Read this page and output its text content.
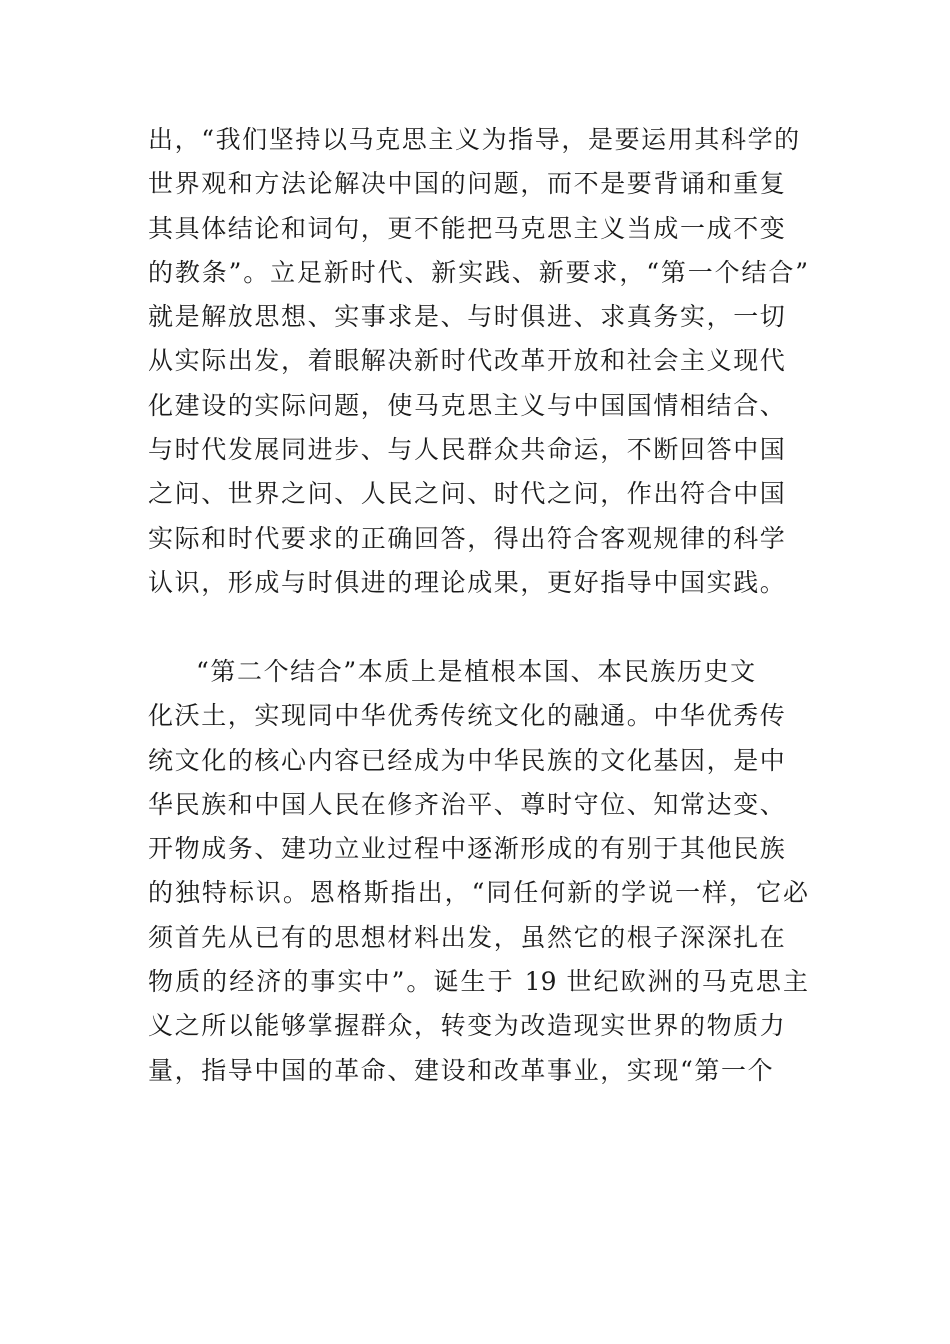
出，“我们坚持以马克思主义为指导，是要运用其科学的
世界观和方法论解决中国的问题，而不是要背诵和重复
其具体结论和词句，更不能把马克思主义当成一成不变
的教条”。立足新时代、新实践、新要求，“第一个结合”
就是解放思想、实事求是、与时俱进、求真务实，一切
从实际出发，着眼解决新时代改革开放和社会主义现代
化建设的实际问题，使马克思主义与中国国情相结合、
与时代发展同进步、与人民群众共命运，不断回答中国
之问、世界之问、人民之问、时代之问，作出符合中国
实际和时代要求的正确回答，得出符合客观规律的科学
认识，形成与时俱进的理论成果，更好指导中国实践。
“第二个结合”本质上是植根本国、本民族历史文
化沃土，实现同中华优秀传统文化的融通。中华优秀传
统文化的核心内容已经成为中华民族的文化基因，是中
华民族和中国人民在修齐治平、尊时守位、知常达变、
开物成务、建功立业过程中逐渐形成的有别于其他民族
的独特标识。恩格斯指出，“同任何新的学说一样，它必
须首先从已有的思想材料出发，虽然它的根子深深扎在
物质的经济的事实中”。诞生于 19 世纪欧洲的马克思主
义之所以能够掌握群众，转变为改造现实世界的物质力
量，指导中国的革命、建设和改革事业，实现“第一个
